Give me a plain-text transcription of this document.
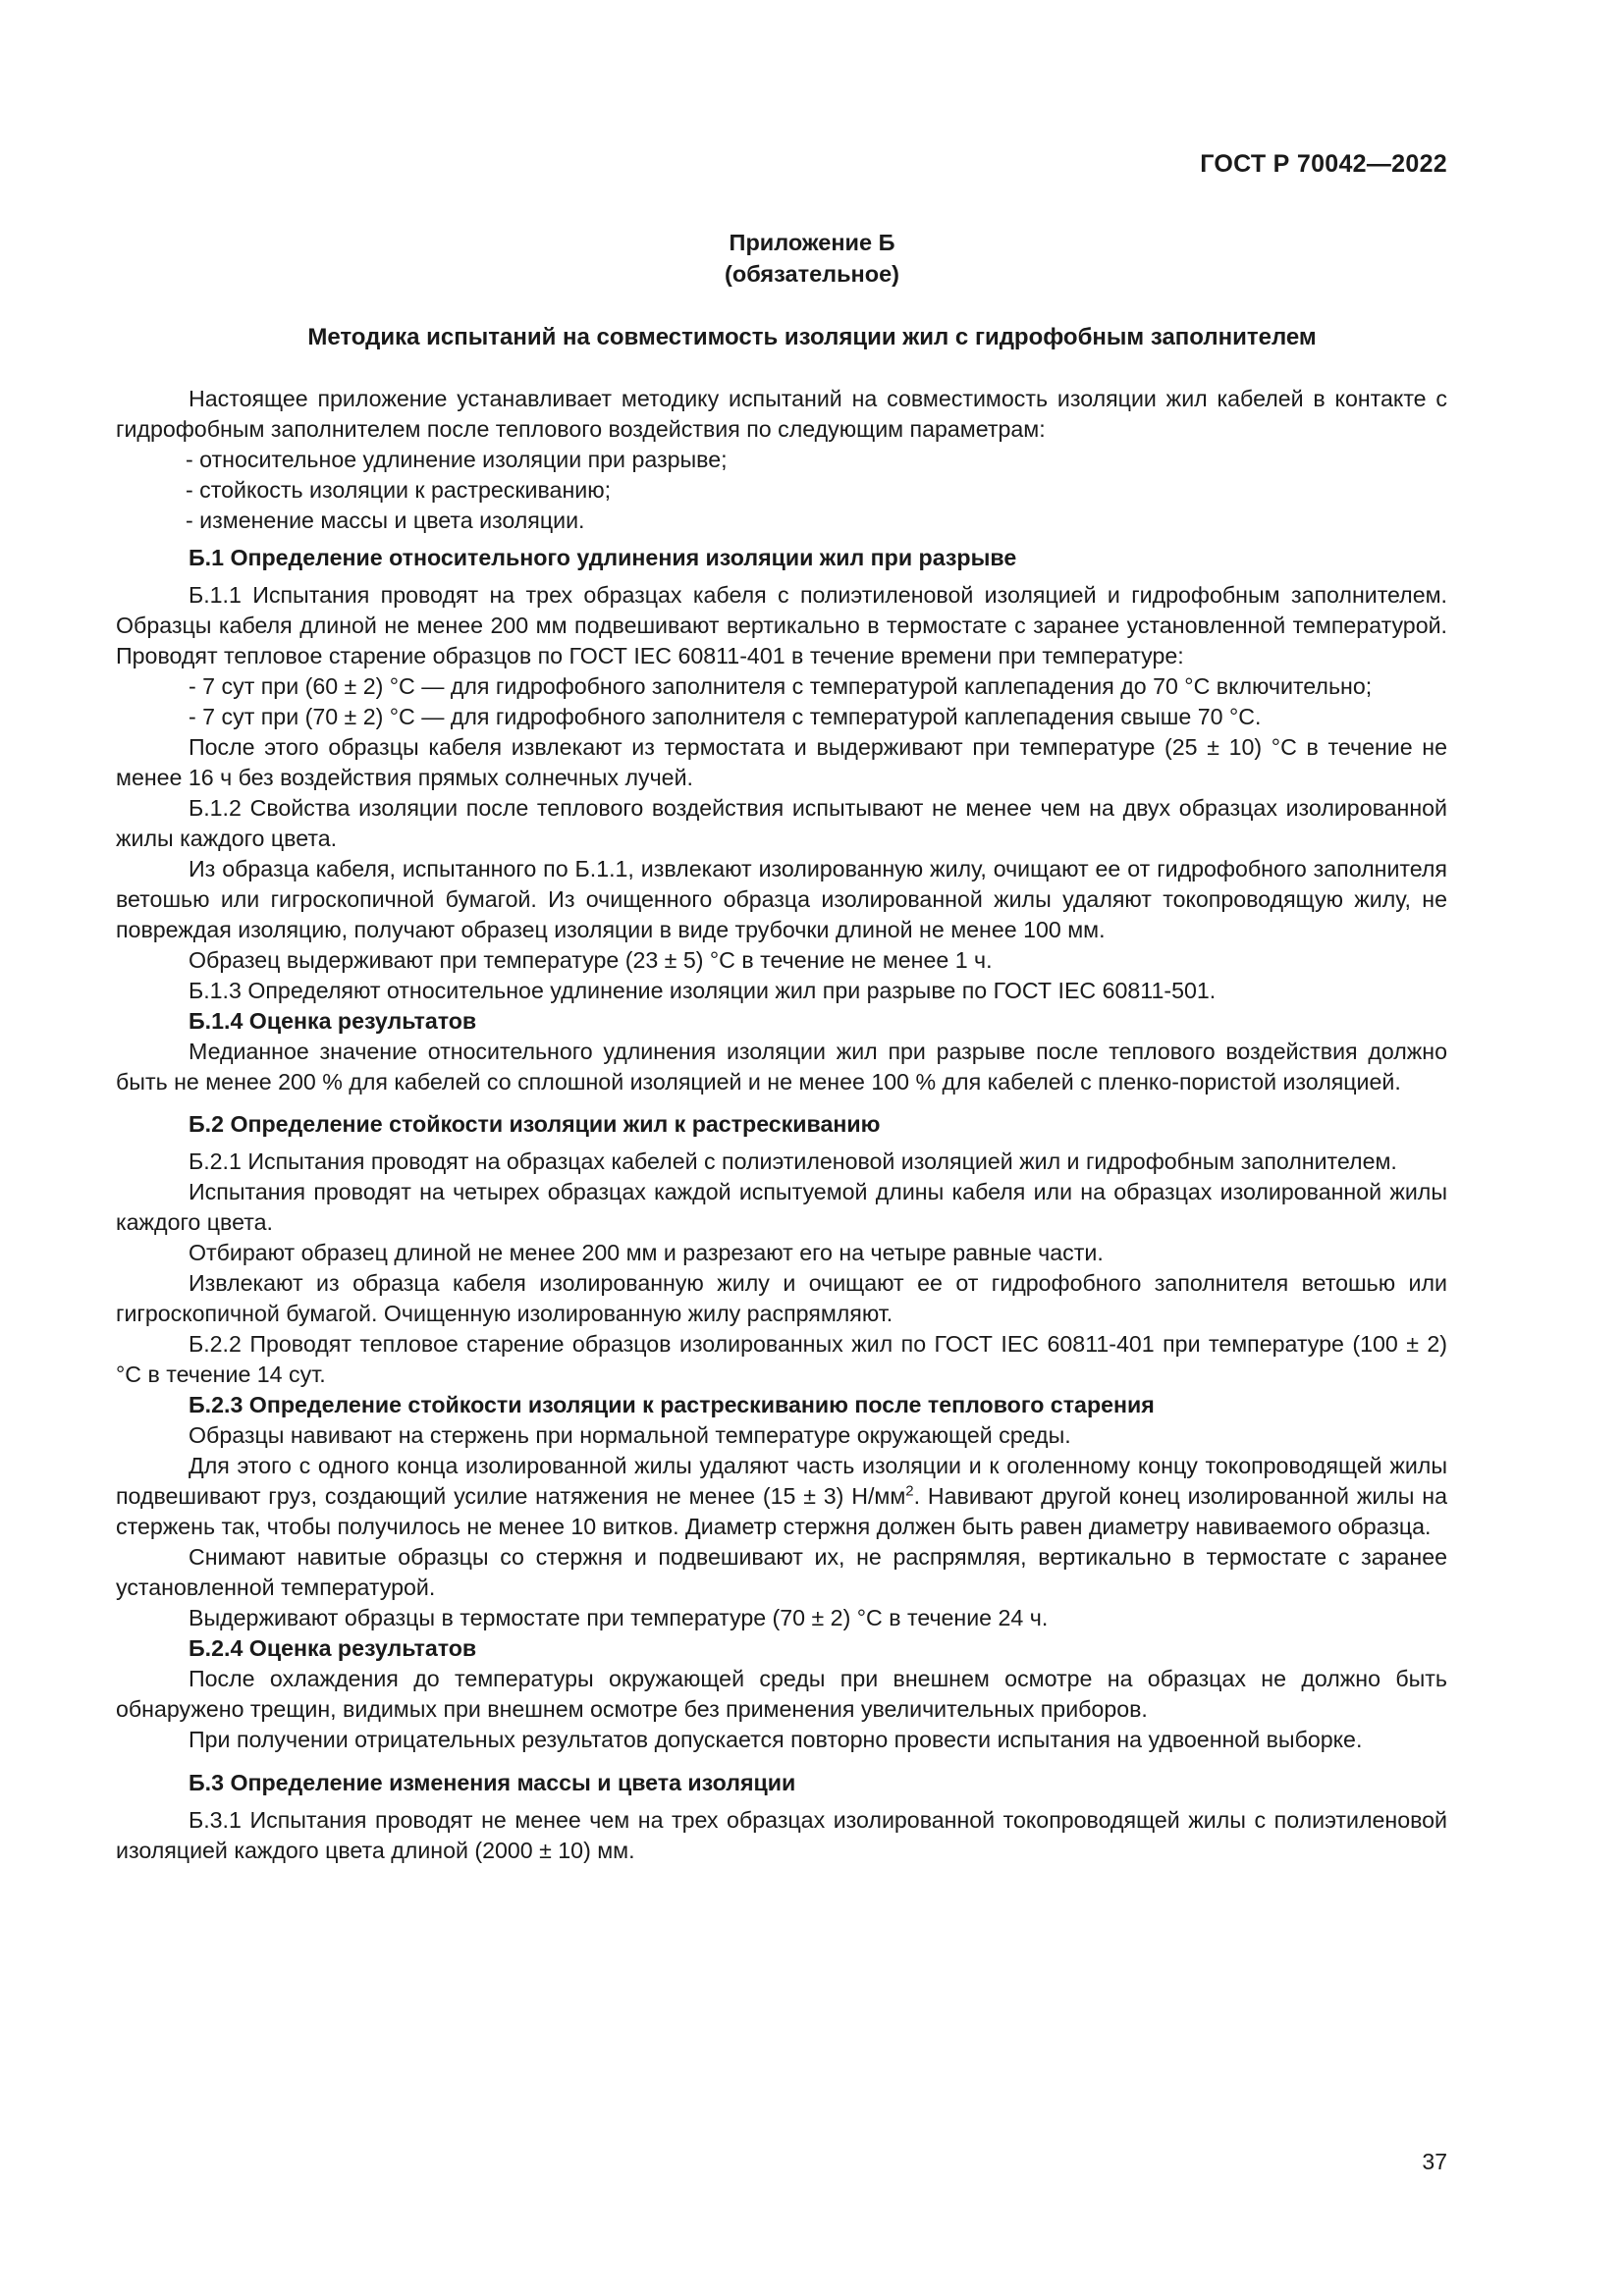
ГОСТ Р 70042—2022
Приложение Б
(обязательное)
Методика испытаний на совместимость изоляции жил с гидрофобным заполнителем

Настоящее приложение устанавливает методику испытаний на совместимость изоляции жил кабелей в контакте с гидрофобным заполнителем после теплового воздействия по следующим параметрам:

- относительное удлинение изоляции при разрыве;

- стойкость изоляции к растрескиванию;

- изменение массы и цвета изоляции.

Б.1 Определение относительного удлинения изоляции жил при разрыве

Б.1.1 Испытания проводят на трех образцах кабеля с полиэтиленовой изоляцией и гидрофобным заполнителем. Образцы кабеля длиной не менее 200 мм подвешивают вертикально в термостате с заранее установленной температурой. Проводят тепловое старение образцов по ГОСТ IEC 60811-401 в течение времени при температуре:

- 7 сут при (60 ± 2) °С — для гидрофобного заполнителя с температурой каплепадения до 70 °С включительно;

- 7 сут при (70 ± 2) °С — для гидрофобного заполнителя с температурой каплепадения свыше 70 °С.

После этого образцы кабеля извлекают из термостата и выдерживают при температуре (25 ± 10) °С в течение не менее 16 ч без воздействия прямых солнечных лучей.

Б.1.2 Свойства изоляции после теплового воздействия испытывают не менее чем на двух образцах изолированной жилы каждого цвета.

Из образца кабеля, испытанного по Б.1.1, извлекают изолированную жилу, очищают ее от гидрофобного заполнителя ветошью или гигроскопичной бумагой. Из очищенного образца изолированной жилы удаляют токопроводящую жилу, не повреждая изоляцию, получают образец изоляции в виде трубочки длиной не менее 100 мм.

Образец выдерживают при температуре (23 ± 5) °С в течение не менее 1 ч.

Б.1.3 Определяют относительное удлинение изоляции жил при разрыве по ГОСТ IEC 60811-501.

Б.1.4 Оценка результатов

Медианное значение относительного удлинения изоляции жил при разрыве после теплового воздействия должно быть не менее 200 % для кабелей со сплошной изоляцией и не менее 100 % для кабелей с пленко-пористой изоляцией.

Б.2 Определение стойкости изоляции жил к растрескиванию

Б.2.1 Испытания проводят на образцах кабелей с полиэтиленовой изоляцией жил и гидрофобным заполнителем.

Испытания проводят на четырех образцах каждой испытуемой длины кабеля или на образцах изолированной жилы каждого цвета.

Отбирают образец длиной не менее 200 мм и разрезают его на четыре равные части.

Извлекают из образца кабеля изолированную жилу и очищают ее от гидрофобного заполнителя ветошью или гигроскопичной бумагой. Очищенную изолированную жилу распрямляют.

Б.2.2 Проводят тепловое старение образцов изолированных жил по ГОСТ IEC 60811-401 при температуре (100 ± 2) °С в течение 14 сут.

Б.2.3 Определение стойкости изоляции к растрескиванию после теплового старения

Образцы навивают на стержень при нормальной температуре окружающей среды.

Для этого с одного конца изолированной жилы удаляют часть изоляции и к оголенному концу токопроводящей жилы подвешивают груз, создающий усилие натяжения не менее (15 ± 3) $Н/мм^2$. Навивают другой конец изолированной жилы на стержень так, чтобы получилось не менее 10 витков. Диаметр стержня должен быть равен диаметру навиваемого образца.

Снимают навитые образцы со стержня и подвешивают их, не распрямляя, вертикально в термостате с заранее установленной температурой.

Выдерживают образцы в термостате при температуре (70 ± 2) °С в течение 24 ч.

Б.2.4 Оценка результатов

После охлаждения до температуры окружающей среды при внешнем осмотре на образцах не должно быть обнаружено трещин, видимых при внешнем осмотре без применения увеличительных приборов.

При получении отрицательных результатов допускается повторно провести испытания на удвоенной выборке.

Б.3 Определение изменения массы и цвета изоляции

Б.3.1 Испытания проводят не менее чем на трех образцах изолированной токопроводящей жилы с полиэтиленовой изоляцией каждого цвета длиной (2000 ± 10) мм.

37
